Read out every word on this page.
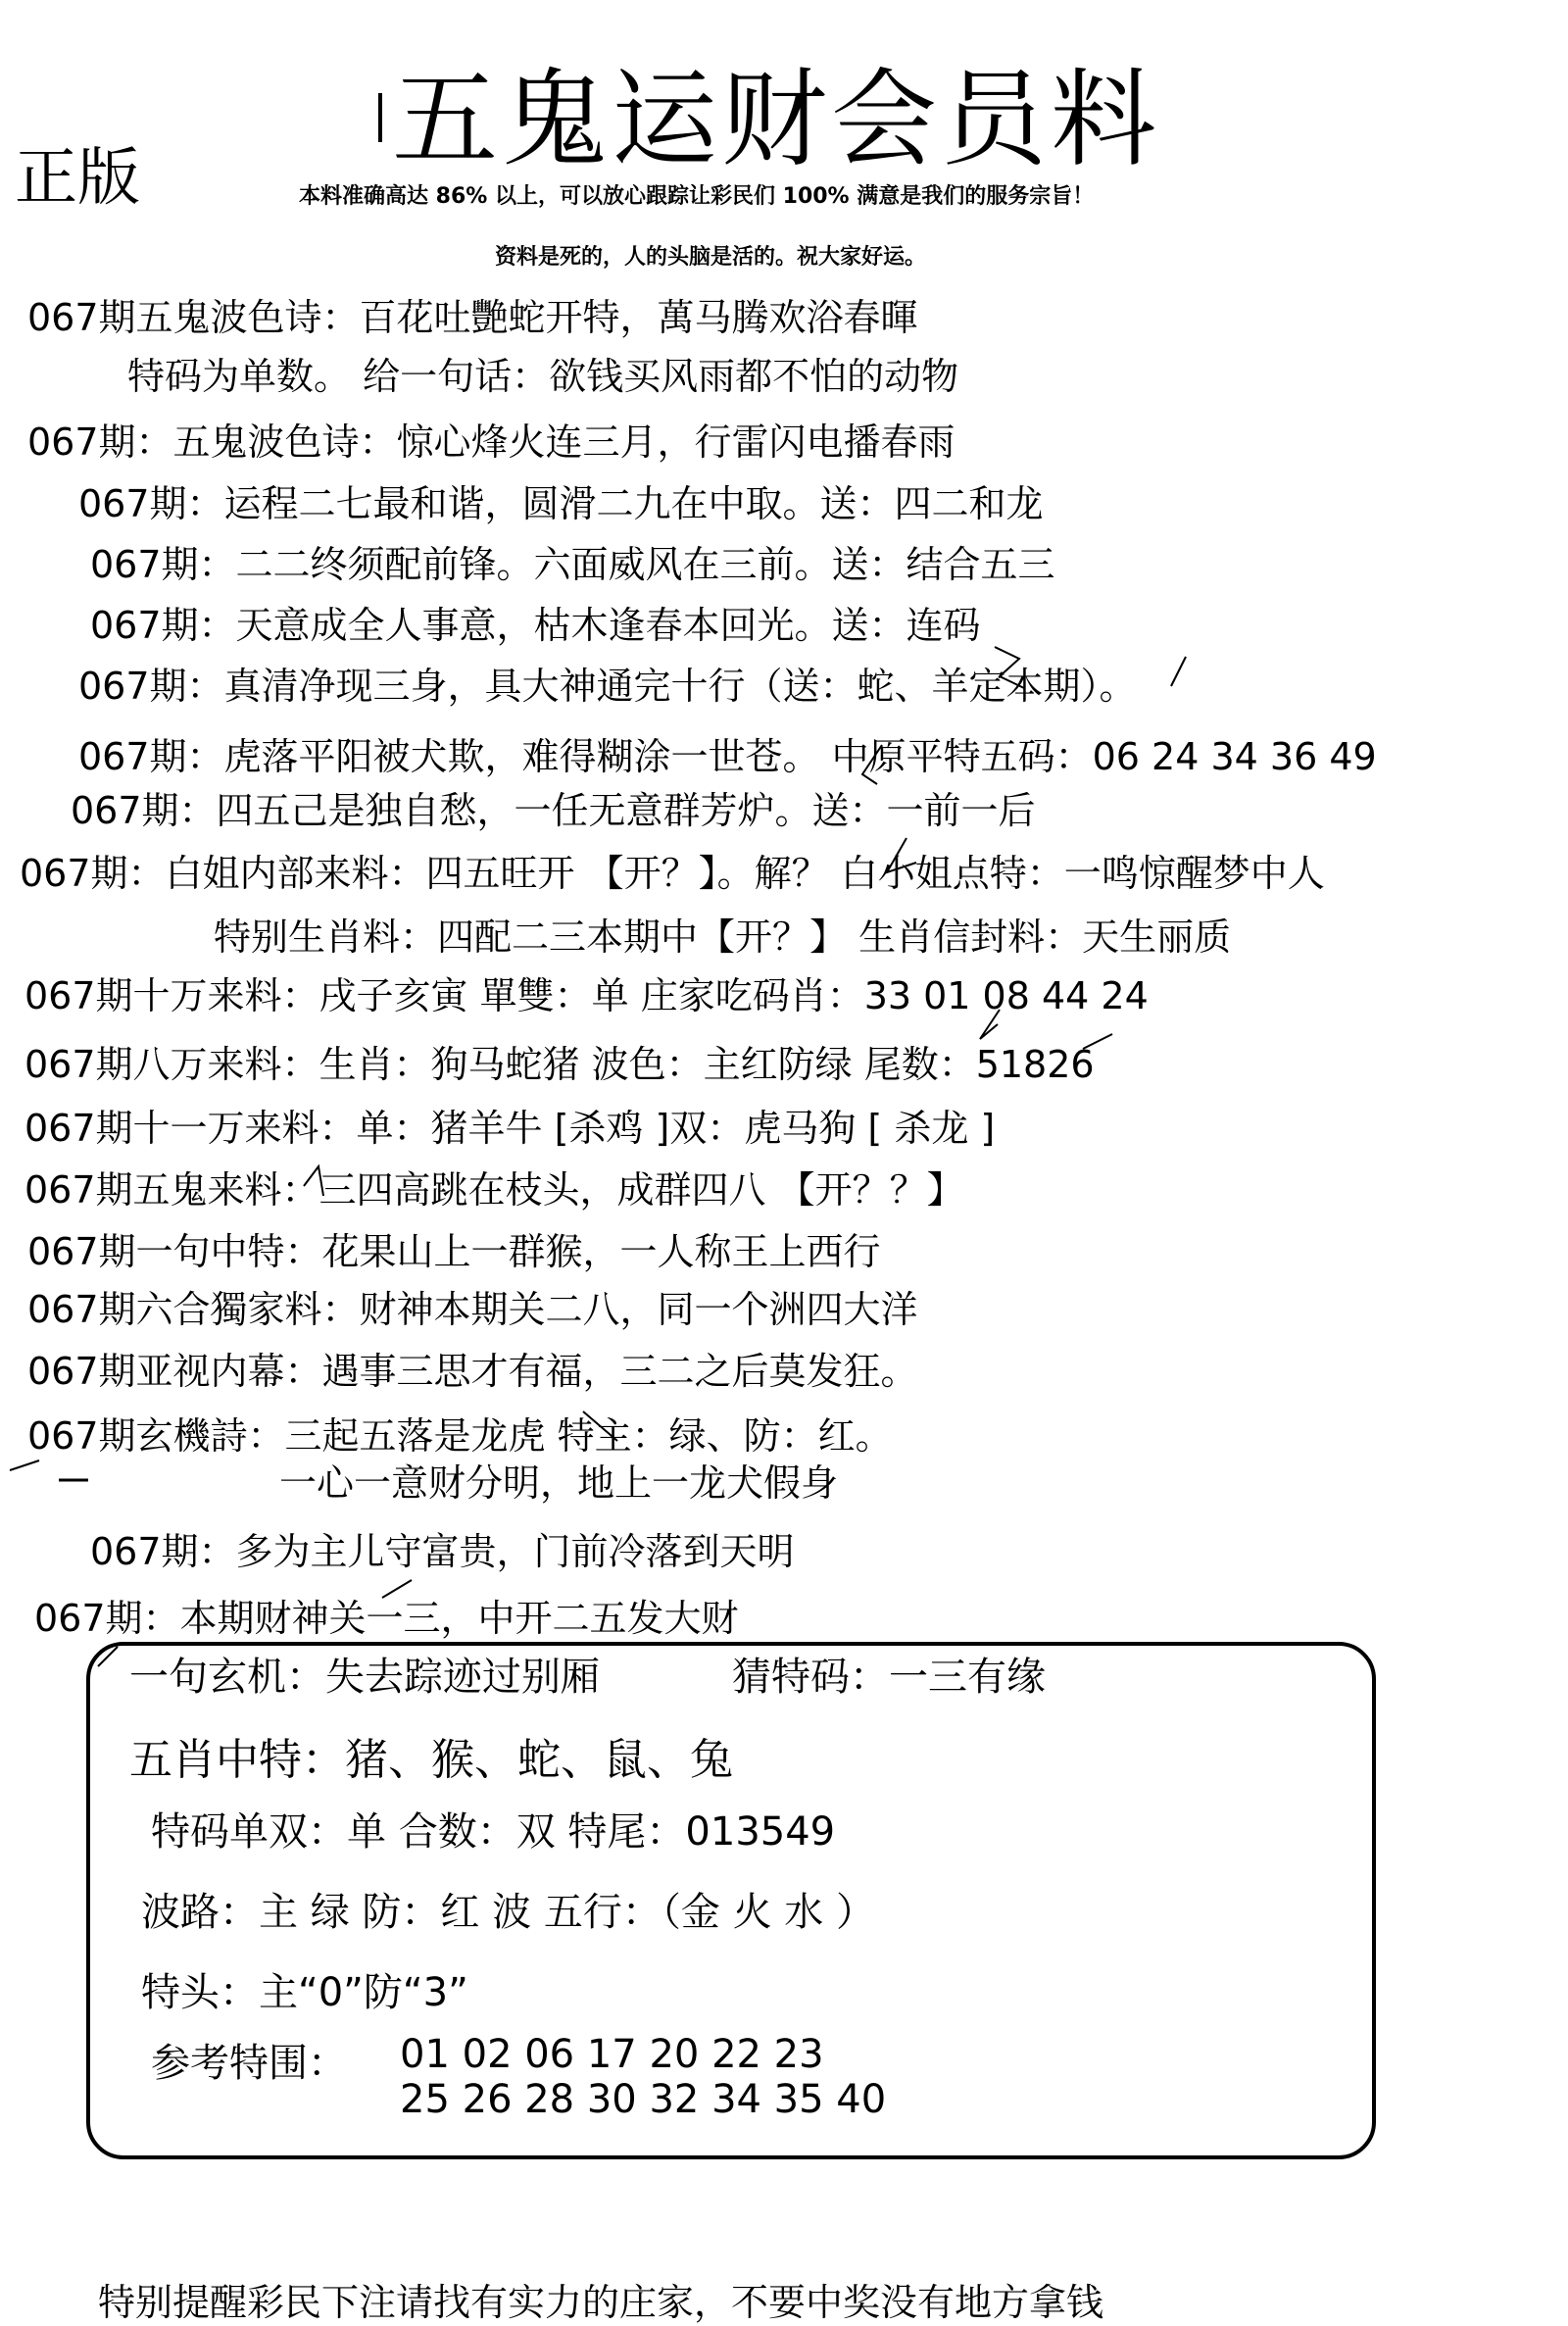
五鬼运财会员料
正版	本料准确高达 86% 以上，可以放心跟踪让彩民们 100% 满意是我们的服务宗旨！
资料是死的，人的头脑是活的。祝大家好运。
067期五鬼波色诗：百花吐艷蛇开特，萬马腾欢浴春暉
特码为单数。 给一句话：欲钱买风雨都不怕的动物
067期：五鬼波色诗：惊心烽火连三月，行雷闪电播春雨
067期：运程二七最和谐，圆滑二九在中取。送：四二和龙
067期：二二终须配前锋。六面威风在三前。送：结合五三
067期：天意成全人事意，枯木逢春本回光。送：连码
067期：真清净现三身，具大神通完十行（送：蛇、羊定本期）。
067期：虎落平阳被犬欺，难得糊涂一世苍。 中原平特五码：06 24 34 36 49
067期：四五己是独自愁，一任无意群芳炉。送：一前一后
067期：白姐内部来料：四五旺开 【开？】。解？ 白小姐点特：一鸣惊醒梦中人
特别生肖料：四配二三本期中【开？】 生肖信封料：天生丽质
067期十万来料：戌子亥寅 單雙：单 庄家吃码肖：33 01 08 44 24
067期八万来料：生肖：狗马蛇猪 波色：主红防绿 尾数：51826
067期十一万来料：单：猪羊牛 [杀鸡 ]双：虎马狗 [ 杀龙 ]
067期五鬼来料：三四高跳在枝头，成群四八 【开？？】
067期一句中特：花果山上一群猴，一人称王上西行
067期六合獨家料：财神本期关二八，同一个洲四大洋
067期亚视内幕：遇事三思才有福，三二之后莫发狂。
067期玄機詩：三起五落是龙虎 特主：绿、防：红。
一心一意财分明，地上一龙犬假身
067期：多为主儿守富贵，门前冷落到天明
067期：本期财神关一三，中开二五发大财
一句玄机：失去踪迹过别厢	猜特码：一三有缘
五肖中特：猪、猴、蛇、鼠、兔
特码单双：单 合数：双 特尾：013549
波路：主 绿 防：红 波 五行：（金 火 水 ）
特头：主“0”防“3”
参考特围： 01 02 06 17 20 22 23
25 26 28 30 32 34 35 40
特别提醒彩民下注请找有实力的庄家，不要中奖没有地方拿钱
